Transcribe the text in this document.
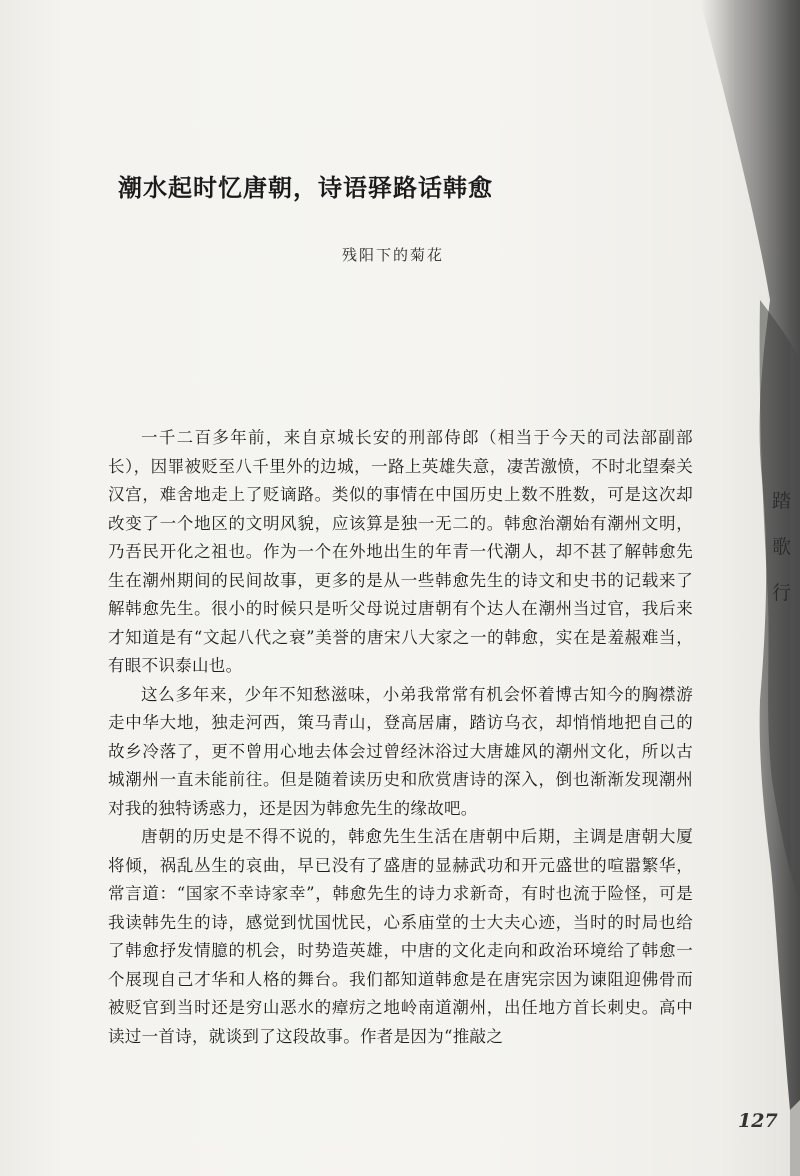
潮水起时忆唐朝，诗语驿路话韩愈
残阳下的菊花

一千二百多年前，来自京城长安的刑部侍郎（相当于今天的司法部副部长），因罪被贬至八千里外的边城，一路上英雄失意，凄苦激愤，不时北望秦关汉宫，难舍地走上了贬谪路。类似的事情在中国历史上数不胜数，可是这次却改变了一个地区的文明风貌，应该算是独一无二的。韩愈治潮始有潮州文明，乃吾民开化之祖也。作为一个在外地出生的年青一代潮人，却不甚了解韩愈先生在潮州期间的民间故事，更多的是从一些韩愈先生的诗文和史书的记载来了解韩愈先生。很小的时候只是听父母说过唐朝有个达人在潮州当过官，我后来才知道是有“文起八代之衰”美誉的唐宋八大家之一的韩愈，实在是羞赧难当，有眼不识泰山也。

这么多年来，少年不知愁滋味，小弟我常常有机会怀着博古知今的胸襟游走中华大地，独走河西，策马青山，登高居庸，踏访乌衣，却悄悄地把自己的故乡冷落了，更不曾用心地去体会过曾经沐浴过大唐雄风的潮州文化，所以古城潮州一直未能前往。但是随着读历史和欣赏唐诗的深入，倒也渐渐发现潮州对我的独特诱惑力，还是因为韩愈先生的缘故吧。

唐朝的历史是不得不说的，韩愈先生生活在唐朝中后期，主调是唐朝大厦将倾，祸乱丛生的哀曲，早已没有了盛唐的显赫武功和开元盛世的喧嚣繁华，常言道：“国家不幸诗家幸”，韩愈先生的诗力求新奇，有时也流于险怪，可是我读韩先生的诗，感觉到忧国忧民，心系庙堂的士大夫心迹，当时的时局也给了韩愈抒发情臆的机会，时势造英雄，中唐的文化走向和政治环境给了韩愈一个展现自己才华和人格的舞台。我们都知道韩愈是在唐宪宗因为谏阻迎佛骨而被贬官到当时还是穷山恶水的瘴疠之地岭南道潮州，出任地方首长刺史。高中读过一首诗，就谈到了这段故事。作者是因为“推敲之

踏
歌
行
127
